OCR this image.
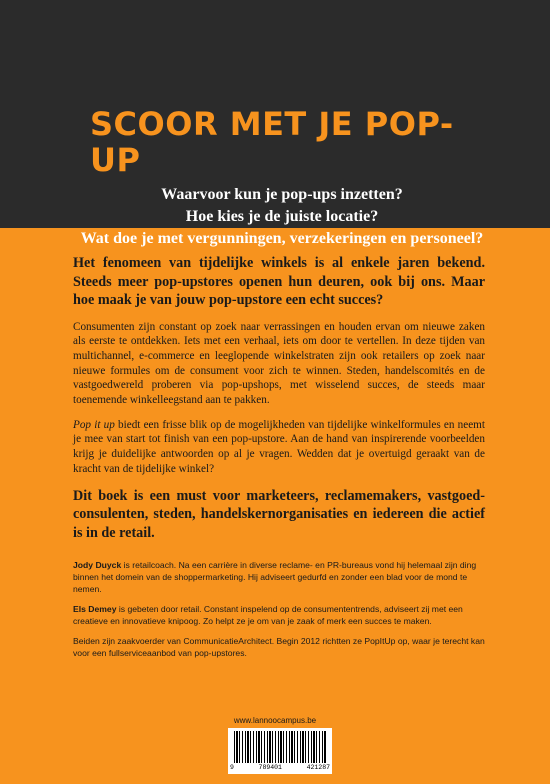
SCOOR MET JE POP-UP

Waarvoor kun je pop-ups inzetten?

Hoe kies je de juiste locatie?

Wat doe je met vergunningen, verzekeringen en personeel?

Het fenomeen van tijdelijke winkels is al enkele jaren bekend. Steeds meer pop-upstores openen hun deuren, ook bij ons. Maar hoe maak je van jouw pop-upstore een echt succes?

Consumenten zijn constant op zoek naar verrassingen en houden ervan om nieuwe zaken als eerste te ontdekken. Iets met een verhaal, iets om door te vertellen. In deze tijden van multichannel, e-commerce en leeglopende winkelstraten zijn ook retailers op zoek naar nieuwe formules om de consument voor zich te winnen. Steden, handelscomités en de vastgoedwereld proberen via pop-upshops, met wisselend succes, de steeds maar toenemende winkelleegstand aan te pakken.

Pop it up biedt een frisse blik op de mogelijkheden van tijdelijke winkelformules en neemt je mee van start tot finish van een pop-upstore. Aan de hand van inspirerende voorbeelden krijg je duidelijke antwoorden op al je vragen. Wedden dat je overtuigd geraakt van de kracht van de tijdelijke winkel?

Dit boek is een must voor marketeers, reclamemakers, vastgoed-consulenten, steden, handelskernorganisaties en iedereen die actief is in de retail.

Jody Duyck is retailcoach. Na een carrière in diverse reclame- en PR-bureaus vond hij helemaal zijn ding binnen het domein van de shoppermarketing. Hij adviseert gedurfd en zonder een blad voor de mond te nemen.

Els Demey is gebeten door retail. Constant inspelend op de consumententrends, adviseert zij met een creatieve en innovatieve knipoog. Zo helpt ze je om van je zaak of merk een succes te maken.

Beiden zijn zaakvoerder van CommunicatieArchitect. Begin 2012 richtten ze PopItUp op, waar je terecht kan voor een fullserviceaanbod van pop-upstores.

www.lannoocampus.be
9	789401	421287
